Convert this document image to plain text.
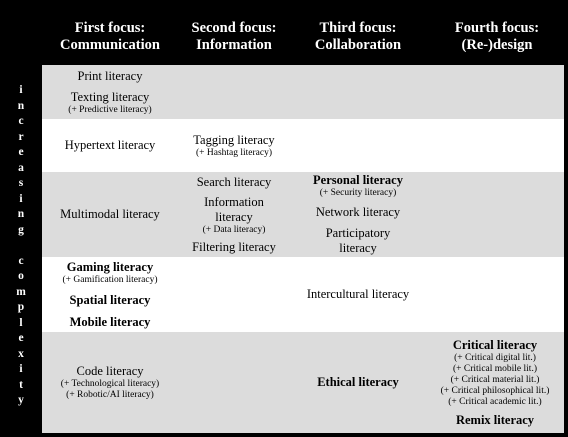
First focus:
Communication
Second focus:
Information
Third focus:
Collaboration
Fourth focus:
(Re-)design
i
n
c
r
e
a
s
i
n
g

c
o
m
p
l
e
x
i
t
y
Print literacy
Texting literacy
(+ Predictive literacy)
Hypertext literacy	Tagging literacy
(+ Hashtag literacy)
Multimodal literacy
Search literacy
Information
literacy
(+ Data literacy)
Filtering literacy
Personal literacy
(+ Security literacy)
Network literacy
Participatory
literacy
Gaming literacy
(+ Gamification literacy)
Spatial literacy
Mobile literacy
Intercultural literacy
Code literacy
(+ Technological literacy)
(+ Robotic/AI literacy)
Ethical literacy
Critical literacy
(+ Critical digital lit.)
(+ Critical mobile lit.)
(+ Critical material lit.)
(+ Critical philosophical lit.)
(+ Critical academic lit.)
Remix literacy
